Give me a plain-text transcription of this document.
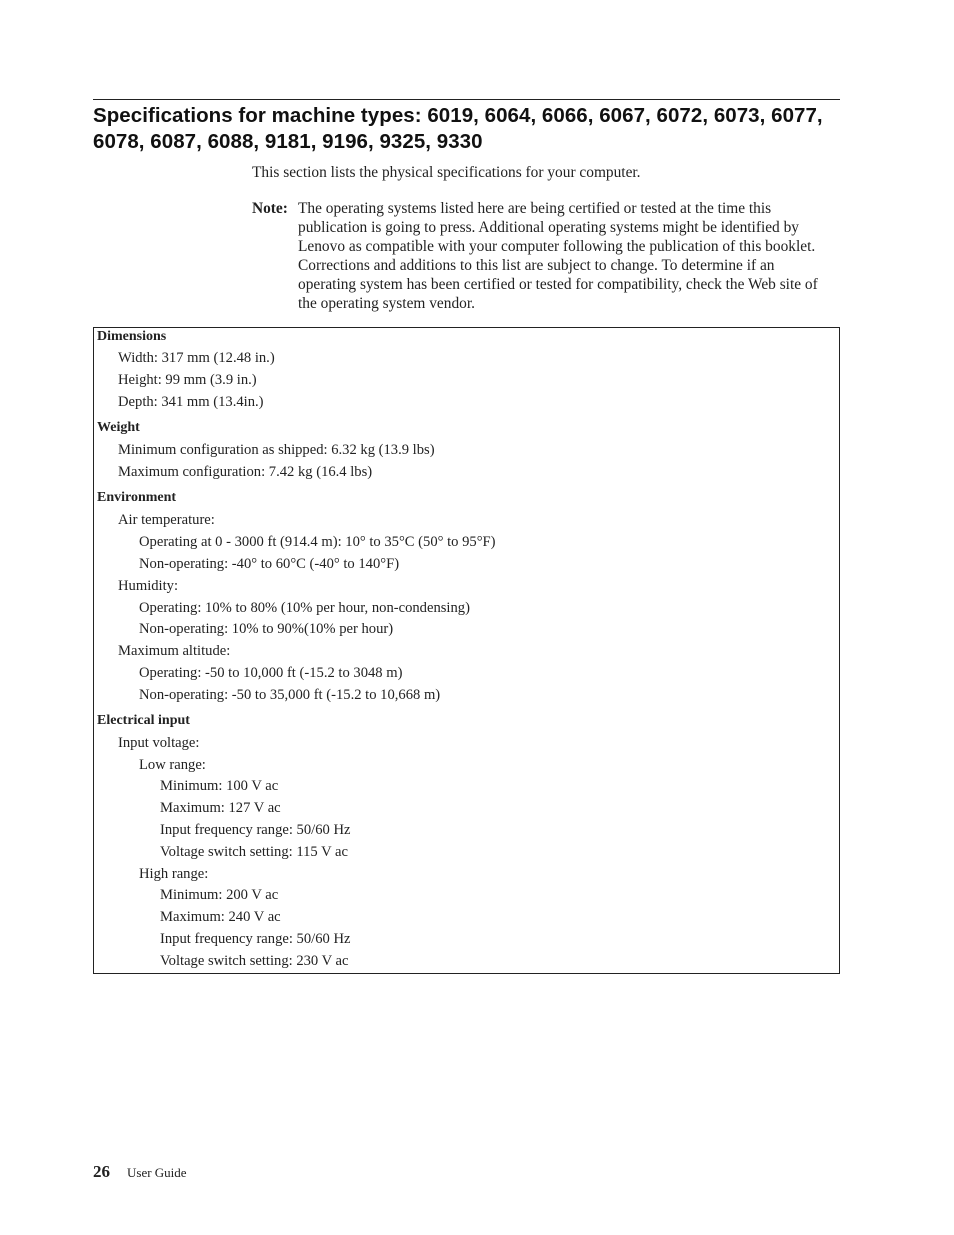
Specifications for machine types: 6019, 6064, 6066, 6067, 6072, 6073, 6077, 6078, 6087, 6088, 9181, 9196, 9325, 9330

This section lists the physical specifications for your computer.

Note: The operating systems listed here are being certified or tested at the time this publication is going to press. Additional operating systems might be identified by Lenovo as compatible with your computer following the publication of this booklet. Corrections and additions to this list are subject to change. To determine if an operating system has been certified or tested for compatibility, check the Web site of the operating system vendor.

Dimensions
Width: 317 mm (12.48 in.)
Height: 99 mm (3.9 in.)
Depth: 341 mm (13.4in.)
Weight
Minimum configuration as shipped: 6.32 kg (13.9 lbs)
Maximum configuration: 7.42 kg (16.4 lbs)
Environment
Air temperature:
Operating at 0 - 3000 ft (914.4 m): 10° to 35°C (50° to 95°F)
Non-operating: -40° to 60°C (-40° to 140°F)
Humidity:
Operating: 10% to 80% (10% per hour, non-condensing)
Non-operating: 10% to 90%(10% per hour)
Maximum altitude:
Operating: -50 to 10,000 ft (-15.2 to 3048 m)
Non-operating: -50 to 35,000 ft (-15.2 to 10,668 m)
Electrical input
Input voltage:
Low range:
Minimum: 100 V ac
Maximum: 127 V ac
Input frequency range: 50/60 Hz
Voltage switch setting: 115 V ac
High range:
Minimum: 200 V ac
Maximum: 240 V ac
Input frequency range: 50/60 Hz
Voltage switch setting: 230 V ac
26 User Guide
